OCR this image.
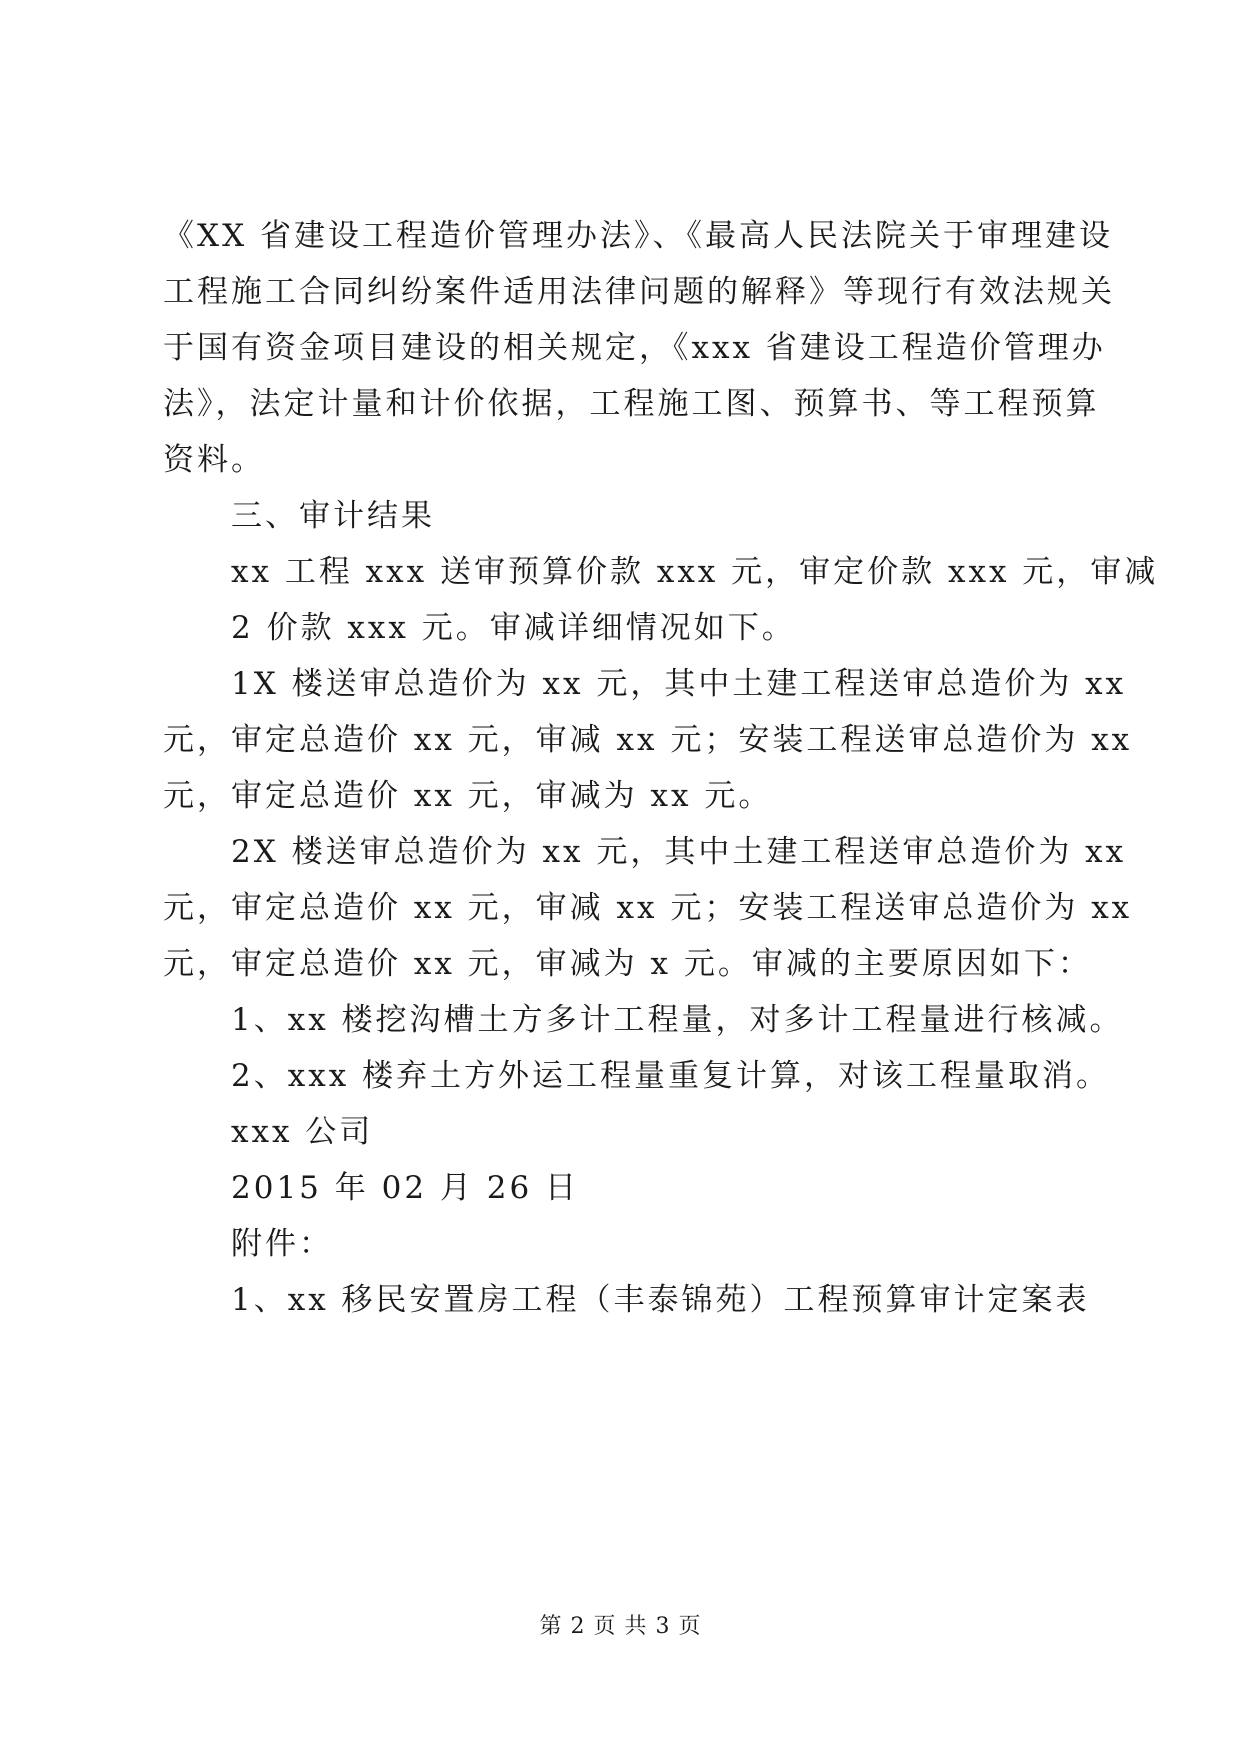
《XX 省建设工程造价管理办法》、《最高人民法院关于审理建设
工程施工合同纠纷案件适用法律问题的解释》等现行有效法规关
于国有资金项目建设的相关规定，《xxx 省建设工程造价管理办
法》，法定计量和计价依据，工程施工图、预算书、等工程预算
资料。
三、审计结果
xx 工程 xxx 送审预算价款 xxx 元，审定价款 xxx 元，审减
2 价款 xxx 元。审减详细情况如下。
1X 楼送审总造价为 xx 元，其中土建工程送审总造价为 xx
元，审定总造价 xx 元，审减 xx 元；安装工程送审总造价为 xx
元，审定总造价 xx 元，审减为 xx 元。
2X 楼送审总造价为 xx 元，其中土建工程送审总造价为 xx
元，审定总造价 xx 元，审减 xx 元；安装工程送审总造价为 xx
元，审定总造价 xx 元，审减为 x 元。审减的主要原因如下：
1、xx 楼挖沟槽土方多计工程量，对多计工程量进行核减。
2、xxx 楼弃土方外运工程量重复计算，对该工程量取消。
xxx 公司
2015 年 02 月 26 日
附件：
1、xx 移民安置房工程（丰泰锦苑）工程预算审计定案表
第 2 页 共 3 页
